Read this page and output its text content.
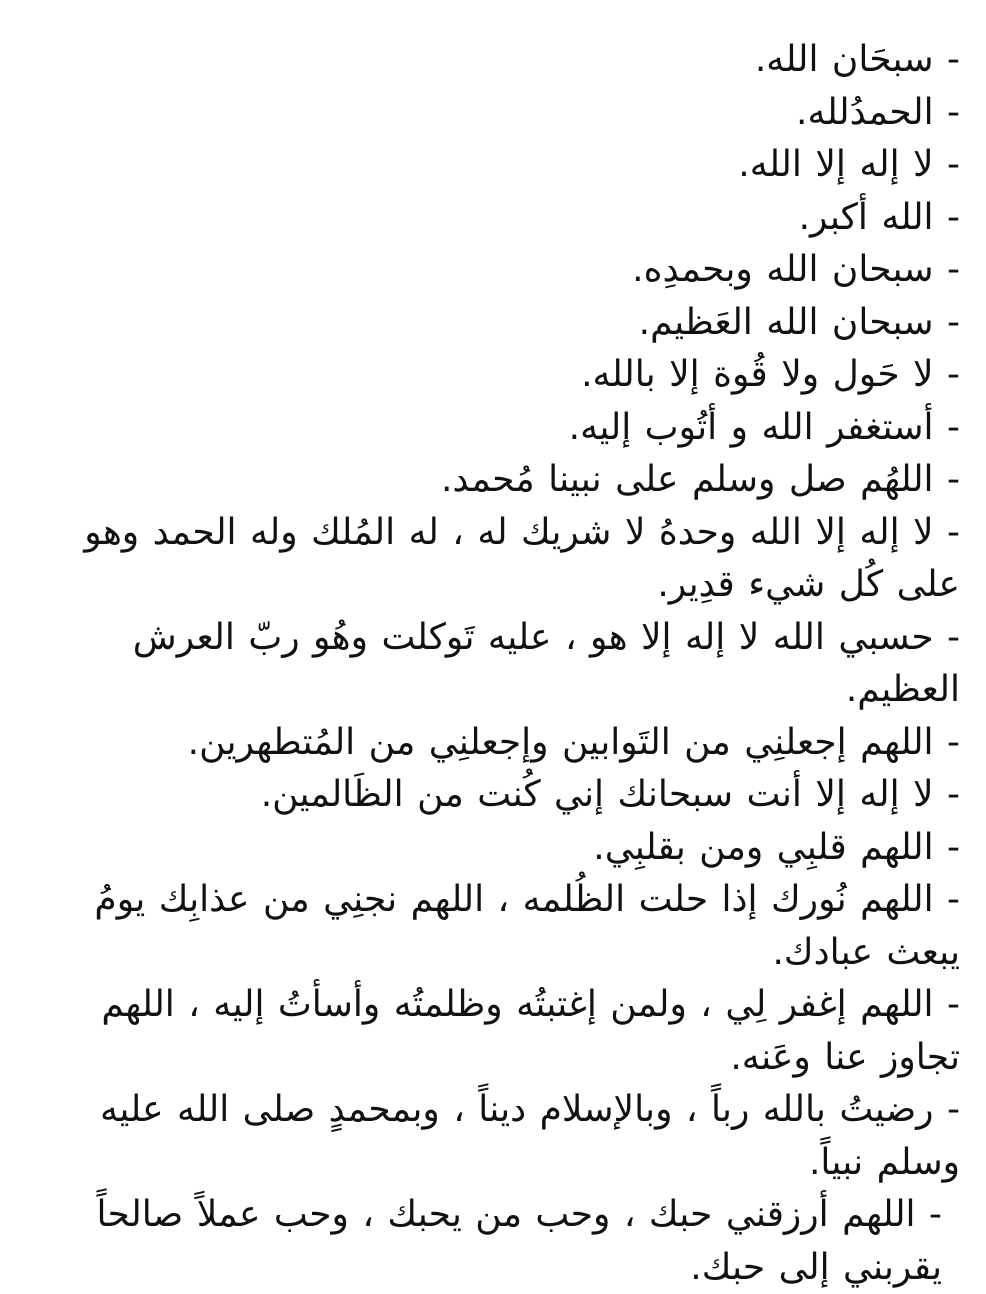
- سبحَان الله.

- الحمدُلله.

- لا إله إلا الله.

- الله أكبر.

- سبحان الله وبحمدِه.

- سبحان الله العَظيم.

- لا حَول ولا قُوة إلا بالله.

- أستغفر الله و أتُوب إليه.

- اللهُم صل وسلم على نبينا مُحمد.

- لا إله إلا الله وحدهُ لا شريك له ، له المُلك وله الحمد وهو على كُل شيء قدِير.

- حسبي الله لا إله إلا هو ، عليه تَوكلت وهُو ربّ العرش العظيم.

- اللهم إجعلنِي من التَوابين وإجعلنِي من المُتطهرين.

- لا إله إلا أنت سبحانك إني كُنت من الظَالمين.

- اللهم قلبِي ومن بقلبِي.

- اللهم نُورك إذا حلت الظُلمه ، اللهم نجنِي من عذابِك يومُ يبعث عبادك.

- اللهم إغفر لِي ، ولمن إغتبتُه وظلمتُه وأسأتُ إليه ، اللهم تجاوز عنا وعَنه.

- رضيتُ بالله رباً ، وبالإسلام ديناً ، وبمحمدٍ صلى الله عليه وسلم نبياً.

- اللهم أرزقني حبك ، وحب من يحبك ، وحب عملاً صالحاً يقربني إلى حبك.
